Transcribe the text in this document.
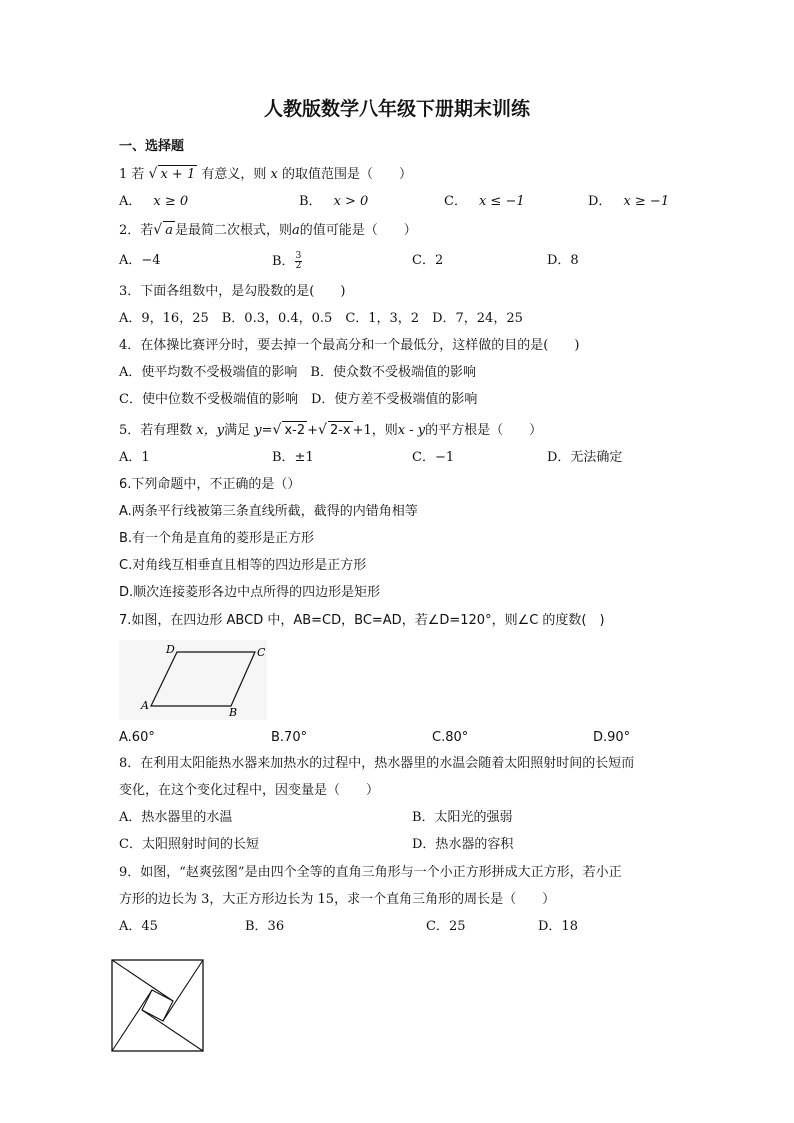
人教版数学八年级下册期末训练
一、选择题
1 若 √ x + 1 有意义，则 x 的取值范围是（　　）
A． x ≥ 0	B． x > 0	C． x ≤ −1	D． x ≥ −1
2．若√ a 是最简二次根式，则a的值可能是（　　）
A．−4	B． $\frac{3}{2}$	C．2	D．8
3．下面各组数中，是勾股数的是(　　)
A．9，16，25　B．0.3，0.4，0.5　C．1，3，2　D．7，24，25
4．在体操比赛评分时，要去掉一个最高分和一个最低分，这样做的目的是(　　)
A．使平均数不受极端值的影响　B．使众数不受极端值的影响
C．使中位数不受极端值的影响　D．使方差不受极端值的影响
5．若有理数 x，y满足 y=√ x-2 +√ 2-x +1，则x - y的平方根是（　　）
A．1	B．±1	C．−1	D．无法确定
6.下列命题中，不正确的是（）
A.两条平行线被第三条直线所截，截得的内错角相等
B.有一个角是直角的菱形是正方形
C.对角线互相垂直且相等的四边形是正方形
D.顺次连接菱形各边中点所得的四边形是矩形
7.如图，在四边形 ABCD 中，AB=CD，BC=AD，若∠D=120°，则∠C 的度数(　)
D	C
A
B
A.60°	B.70°	C.80°	D.90°
8．在利用太阳能热水器来加热水的过程中，热水器里的水温会随着太阳照射时间的长短而
变化，在这个变化过程中，因变量是（　　）
A．热水器里的水温	B．太阳光的强弱
C．太阳照射时间的长短	D．热水器的容积
9．如图，“赵爽弦图”是由四个全等的直角三角形与一个小正方形拼成大正方形，若小正
方形的边长为 3，大正方形边长为 15，求一个直角三角形的周长是（　　）
A．45	B．36	C．25	D．18
